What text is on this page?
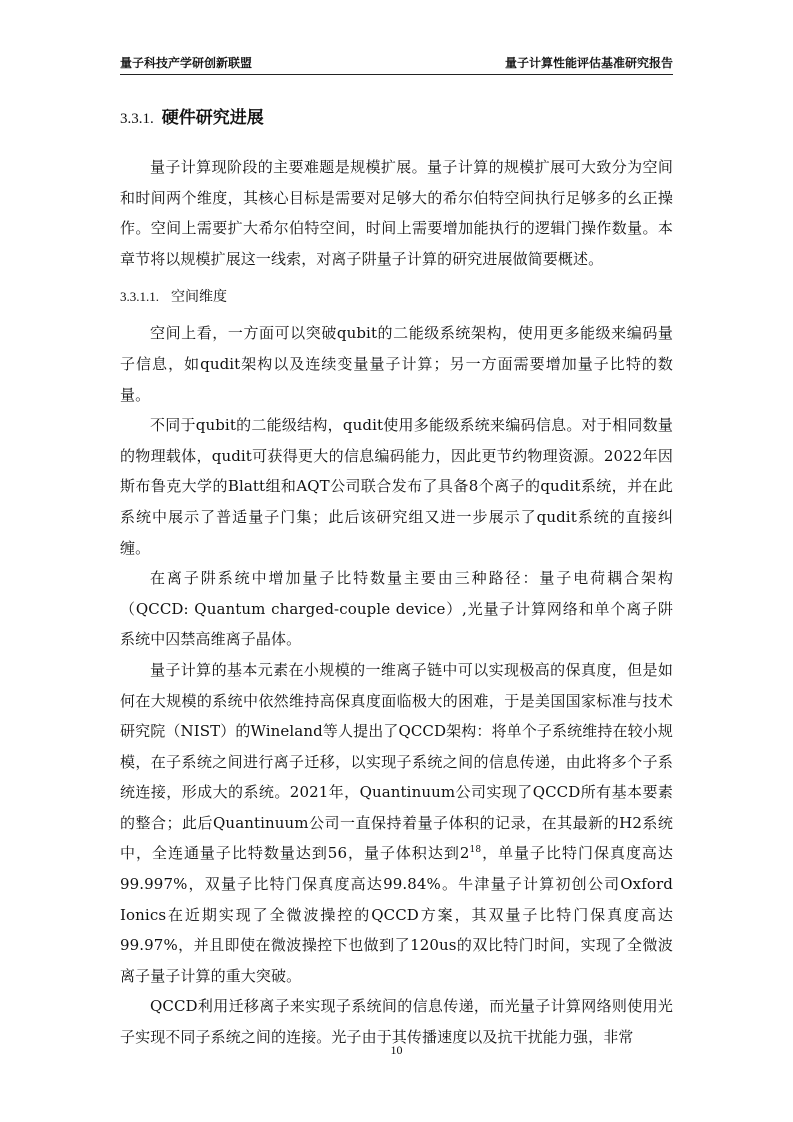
量子科技产学研创新联盟	量子计算性能评估基准研究报告
3.3.1. 硬件研究进展

量子计算现阶段的主要难题是规模扩展。量子计算的规模扩展可大致分为空间和时间两个维度，其核心目标是需要对足够大的希尔伯特空间执行足够多的幺正操作。空间上需要扩大希尔伯特空间，时间上需要增加能执行的逻辑门操作数量。本章节将以规模扩展这一线索，对离子阱量子计算的研究进展做简要概述。

3.3.1.1. 空间维度

空间上看，一方面可以突破qubit的二能级系统架构，使用更多能级来编码量子信息，如qudit架构以及连续变量量子计算；另一方面需要增加量子比特的数量。

不同于qubit的二能级结构，qudit使用多能级系统来编码信息。对于相同数量的物理载体，qudit可获得更大的信息编码能力，因此更节约物理资源。2022年因斯布鲁克大学的Blatt组和AQT公司联合发布了具备8个离子的qudit系统，并在此系统中展示了普适量子门集；此后该研究组又进一步展示了qudit系统的直接纠缠。

在离子阱系统中增加量子比特数量主要由三种路径：量子电荷耦合架构（QCCD: Quantum charged-couple device）,光量子计算网络和单个离子阱系统中囚禁高维离子晶体。

量子计算的基本元素在小规模的一维离子链中可以实现极高的保真度，但是如何在大规模的系统中依然维持高保真度面临极大的困难，于是美国国家标准与技术研究院（NIST）的Wineland等人提出了QCCD架构：将单个子系统维持在较小规模，在子系统之间进行离子迁移，以实现子系统之间的信息传递，由此将多个子系统连接，形成大的系统。2021年，Quantinuum公司实现了QCCD所有基本要素的整合；此后Quantinuum公司一直保持着量子体积的记录，在其最新的H2系统中，全连通量子比特数量达到56，量子体积达到$2^{18}$，单量子比特门保真度高达99.997%，双量子比特门保真度高达99.84%。牛津量子计算初创公司Oxford Ionics在近期实现了全微波操控的QCCD方案，其双量子比特门保真度高达99.97%，并且即使在微波操控下也做到了120us的双比特门时间，实现了全微波离子量子计算的重大突破。

QCCD利用迁移离子来实现子系统间的信息传递，而光量子计算网络则使用光子实现不同子系统之间的连接。光子由于其传播速度以及抗干扰能力强，非常

10
